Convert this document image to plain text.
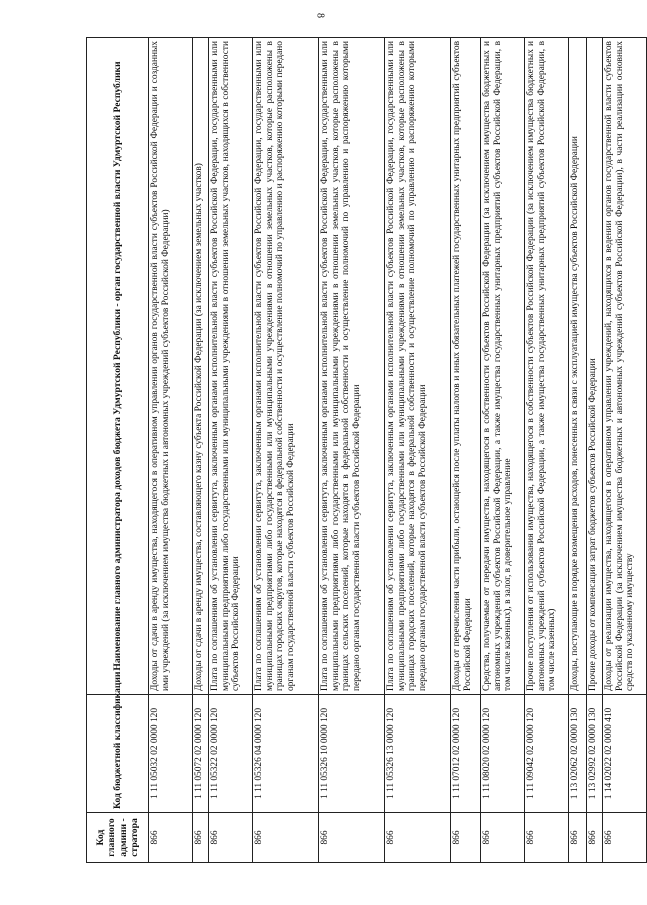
8
Код главного админи - стратора	Код бюджетной классификации	Наименование главного администратора доходов бюджета Удмуртской Республики - орган государственной власти Удмуртской Республики
866	1 11 05032 02 0000 120	Доходы от сдачи в аренду имущества, находящегося в оперативном управлении органов государственной власти субъектов Российской Федерации и созданных ими учреждений (за исключением имущества бюджетных и автономных учреждений субъектов Российской Федерации)
866	1 11 05072 02 0000 120	Доходы от сдачи в аренду имущества, составляющего казну субъекта Российской Федерации (за исключением земельных участков)
866	1 11 05322 02 0000 120	Плата по соглашениям об установлении сервитута, заключенным органами исполнительной власти субъектов Российской Федерации, государственными или муниципальными предприятиями либо государственными или муниципальными учреждениями в отношении земельных участков, находящихся в собственности субъектов Российской Федерации
866	1 11 05326 04 0000 120	Плата по соглашениям об установлении сервитута, заключенным органами исполнительной власти субъектов Российской Федерации, государственными или муниципальными предприятиями либо государственными или муниципальными учреждениями в отношении земельных участков, которые расположены в границах городских округов, которые находятся в федеральной собственности и осуществление полномочий по управлению и распоряжению которыми передано органам государственной власти субъектов Российской Федерации
866	1 11 05326 10 0000 120	Плата по соглашениям об установлении сервитута, заключенным органами исполнительной власти субъектов Российской Федерации, государственными или муниципальными предприятиями либо государственными или муниципальными учреждениями в отношении земельных участков, которые расположены в границах сельских поселений, которые находятся в федеральной собственности и осуществление полномочий по управлению и распоряжению которыми передано органам государственной власти субъектов Российской Федерации
866	1 11 05326 13 0000 120	Плата по соглашениям об установлении сервитута, заключенным органами исполнительной власти субъектов Российской Федерации, государственными или муниципальными предприятиями либо государственными или муниципальными учреждениями в отношении земельных участков, которые расположены в границах городских поселений, которые находятся в федеральной собственности и осуществление полномочий по управлению и распоряжению которыми передано органам государственной власти субъектов Российской Федерации
866	1 11 07012 02 0000 120	Доходы от перечисления части прибыли, остающейся после уплаты налогов и иных обязательных платежей государственных унитарных предприятий субъектов Российской Федерации
866	1 11 08020 02 0000 120	Средства, получаемые от передачи имущества, находящегося в собственности субъектов Российской Федерации (за исключением имущества бюджетных и автономных учреждений субъектов Российской Федерации, а также имущества государственных унитарных предприятий субъектов Российской Федерации, в том числе казенных), в залог, в доверительное управление
866	1 11 09042 02 0000 120	Прочие поступления от использования имущества, находящегося в собственности субъектов Российской Федерации (за исключением имущества бюджетных и автономных учреждений субъектов Российской Федерации, а также имущества государственных унитарных предприятий субъектов Российской Федерации, в том числе казенных)
866	1 13 02062 02 0000 130	Доходы, поступающие в порядке возмещения расходов, понесенных в связи с эксплуатацией имущества субъектов Российской Федерации
866	1 13 02992 02 0000 130	Прочие доходы от компенсации затрат бюджетов субъектов Российской Федерации
866	1 14 02022 02 0000 410	Доходы от реализации имущества, находящегося в оперативном управлении учреждений, находящихся в ведении органов государственной власти субъектов Российской Федерации (за исключением имущества бюджетных и автономных учреждений субъектов Российской Федерации), в части реализации основных средств по указанному имуществу
